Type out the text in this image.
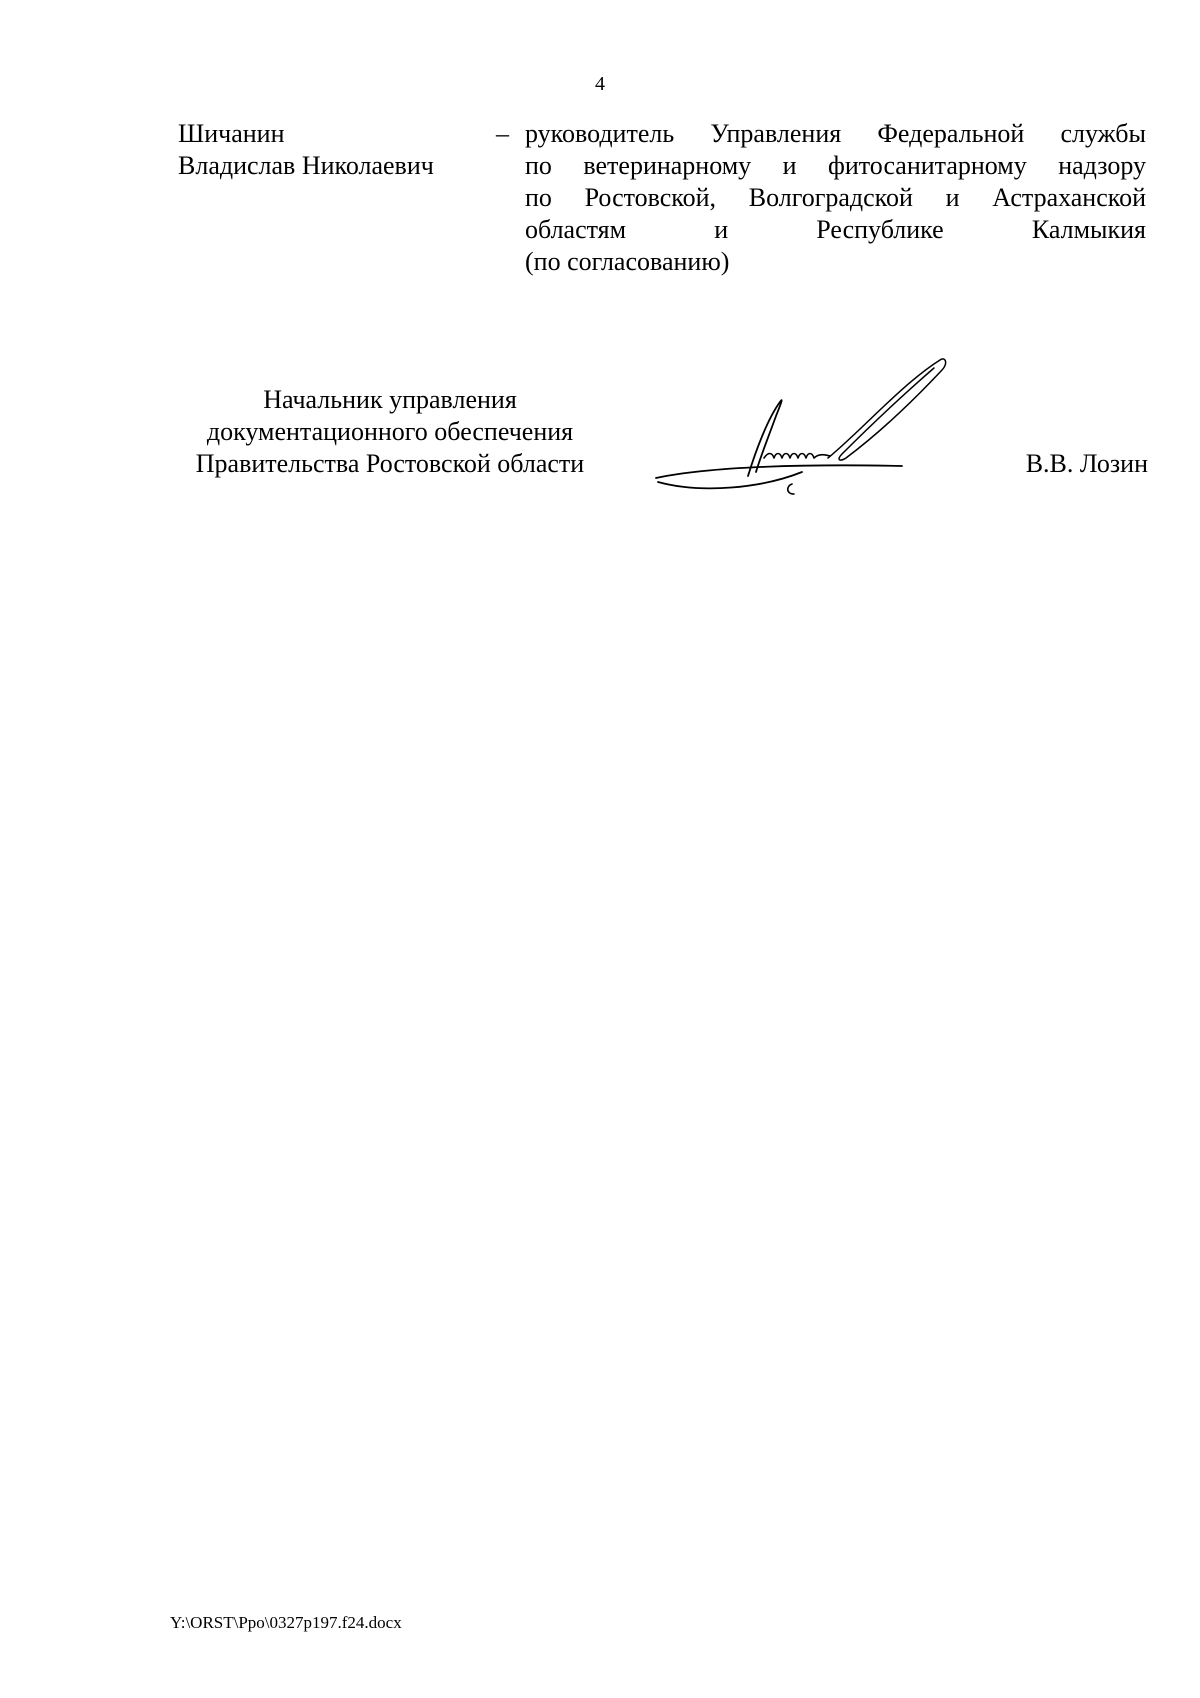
4
Шичанин
Владислав Николаевич
– руководитель Управления Федеральной службы
по ветеринарному и фитосанитарному надзору
по Ростовской, Волгоградской и Астраханской
областям и Республике Калмыкия
(по согласованию)
Начальник управления
документационного обеспечения
Правительства Ростовской области	В.В. Лозин
Y:\ORST\Ppo\0327p197.f24.docx
